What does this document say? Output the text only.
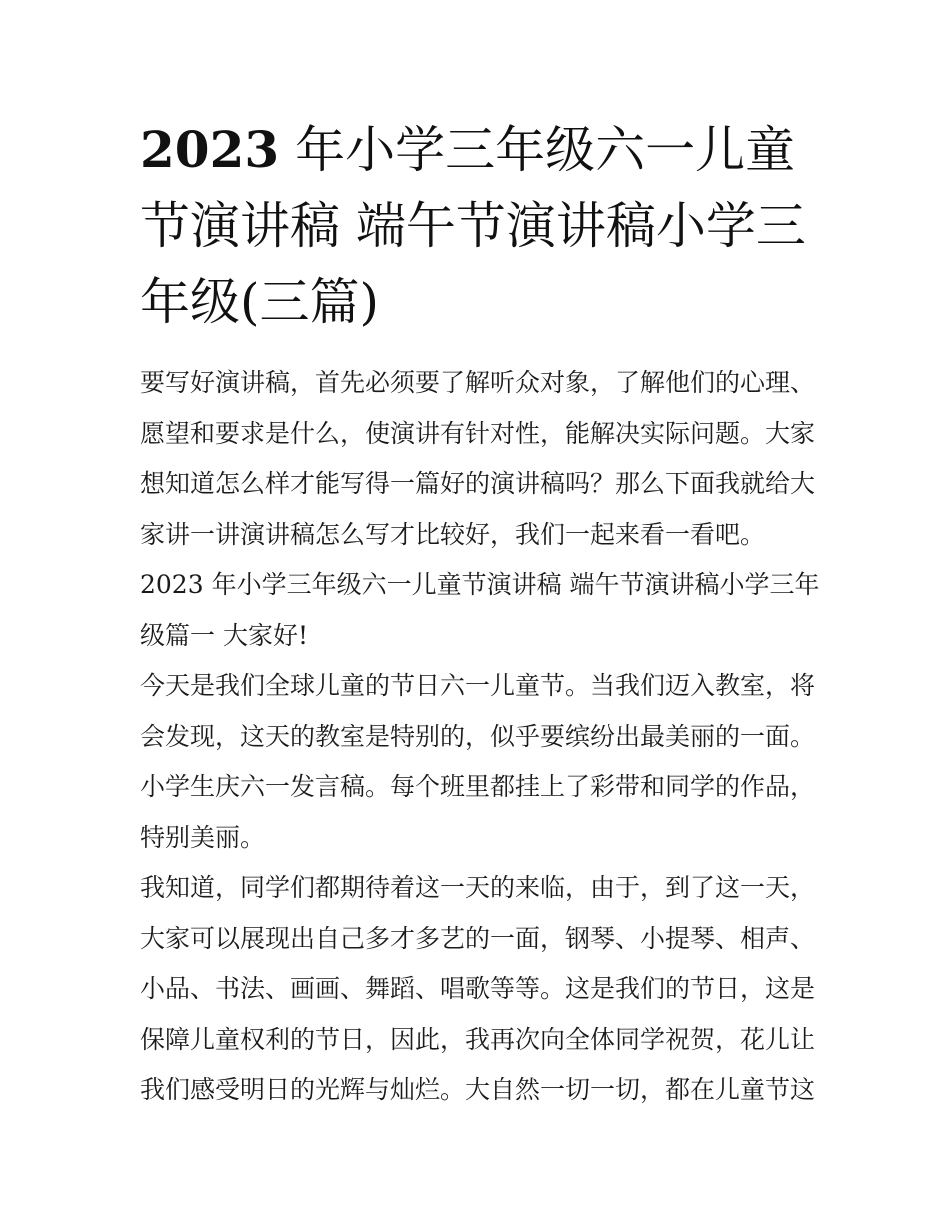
2023 年小学三年级六一儿童节演讲稿 端午节演讲稿小学三年级(三篇)

要写好演讲稿，首先必须要了解听众对象，了解他们的心理、愿望和要求是什么，使演讲有针对性，能解决实际问题。大家想知道怎么样才能写得一篇好的演讲稿吗？那么下面我就给大家讲一讲演讲稿怎么写才比较好，我们一起来看一看吧。

2023 年小学三年级六一儿童节演讲稿 端午节演讲稿小学三年级篇一 大家好!

今天是我们全球儿童的节日六一儿童节。当我们迈入教室，将会发现，这天的教室是特别的，似乎要缤纷出最美丽的一面。小学生庆六一发言稿。每个班里都挂上了彩带和同学的作品，特别美丽。

我知道，同学们都期待着这一天的来临，由于，到了这一天，大家可以展现出自己多才多艺的一面，钢琴、小提琴、相声、小品、书法、画画、舞蹈、唱歌等等。这是我们的节日，这是保障儿童权利的节日，因此，我再次向全体同学祝贺，花儿让我们感受明日的光辉与灿烂。大自然一切一切，都在儿童节这
